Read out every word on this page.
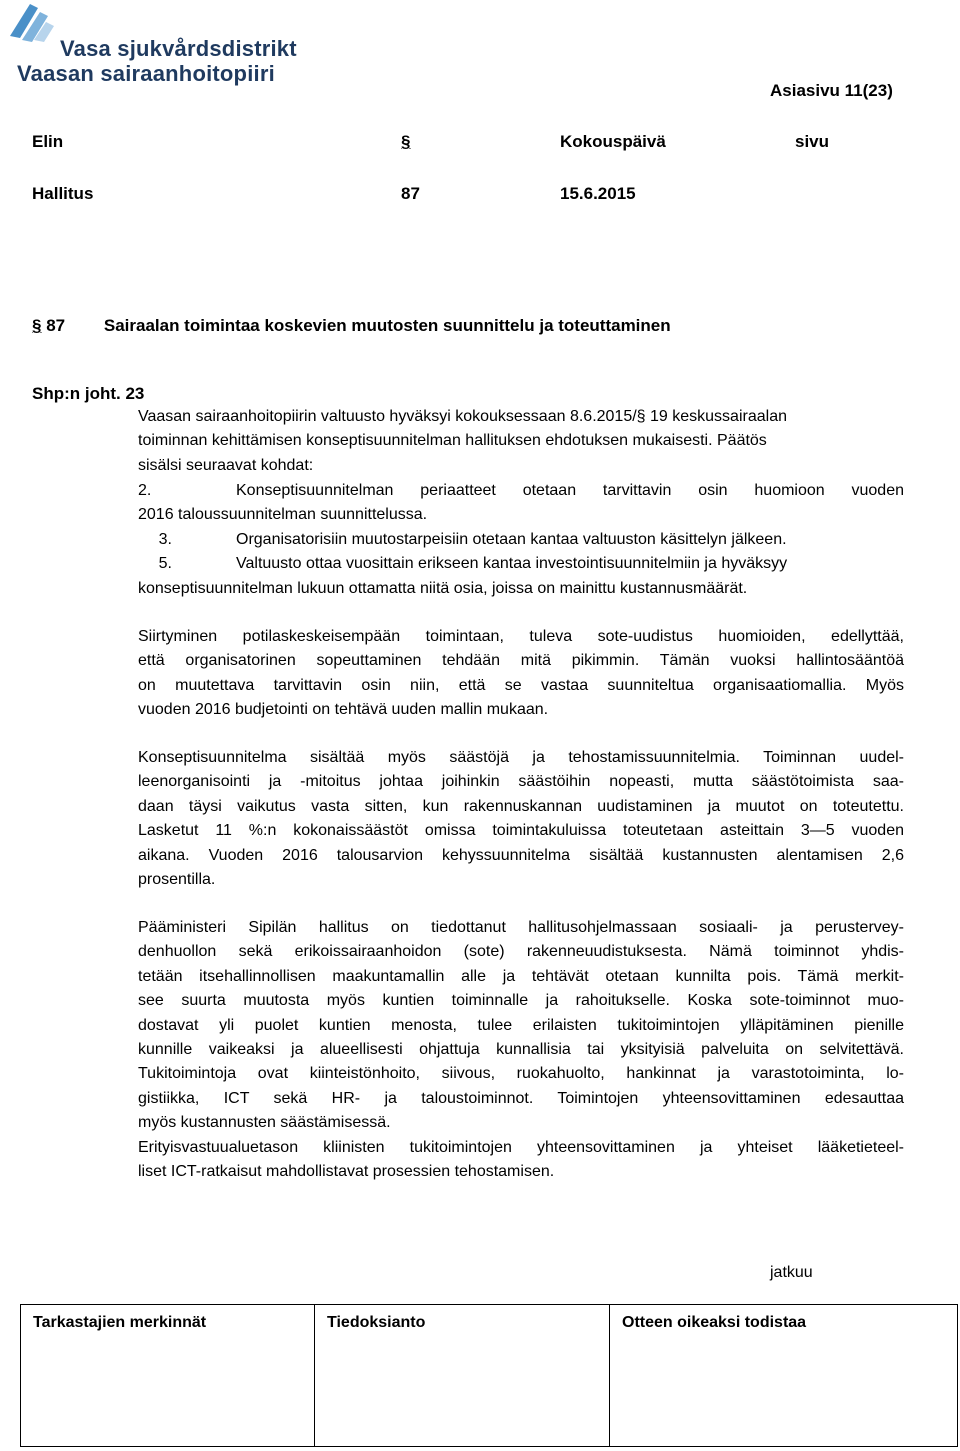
Vasa sjukvårdsdistrikt
Vaasan sairaanhoitopiiri
Asiasivu 11(23)
Elin	§	Kokouspäivä	sivu
Hallitus	87	15.6.2015
§ 87 Sairaalan toimintaa koskevien muutosten suunnittelu ja toteuttaminen
Shp:n joht. 23
Vaasan sairaanhoitopiirin valtuusto hyväksyi kokouksessaan 8.6.2015/§ 19 keskussairaalan
toiminnan kehittämisen konseptisuunnitelman hallituksen ehdotuksen mukaisesti. Päätös
sisälsi seuraavat kohdat:
2.	Konseptisuunnitelman periaatteet otetaan tarvittavin osin huomioon vuoden
2016 taloussuunnitelman suunnittelussa.
3.	Organisatorisiin muutostarpeisiin otetaan kantaa valtuuston käsittelyn jälkeen.
5.	Valtuusto ottaa vuosittain erikseen kantaa investointisuunnitelmiin ja hyväksyy
konseptisuunnitelman lukuun ottamatta niitä osia, joissa on mainittu kustannusmäärät.
Siirtyminen potilaskeskeisempään toimintaan, tuleva sote-uudistus huomioiden, edellyttää,
että organisatorinen sopeuttaminen tehdään mitä pikimmin. Tämän vuoksi hallintosääntöä
on muutettava tarvittavin osin niin, että se vastaa suunniteltua organisaatiomallia. Myös
vuoden 2016 budjetointi on tehtävä uuden mallin mukaan.
Konseptisuunnitelma sisältää myös säästöjä ja tehostamissuunnitelmia. Toiminnan uudel-
leenorganisointi ja -mitoitus johtaa joihinkin säästöihin nopeasti, mutta säästötoimista saa-
daan täysi vaikutus vasta sitten, kun rakennuskannan uudistaminen ja muutot on toteutettu.
Lasketut 11 %:n kokonaissäästöt omissa toimintakuluissa toteutetaan asteittain 3—5 vuoden
aikana. Vuoden 2016 talousarvion kehyssuunnitelma sisältää kustannusten alentamisen 2,6
prosentilla.
Pääministeri Sipilän hallitus on tiedottanut hallitusohjelmassaan sosiaali- ja perustervey-
denhuollon sekä erikoissairaanhoidon (sote) rakenneuudistuksesta. Nämä toiminnot yhdis-
tetään itsehallinnollisen maakuntamallin alle ja tehtävät otetaan kunnilta pois. Tämä merkit-
see suurta muutosta myös kuntien toiminnalle ja rahoitukselle. Koska sote-toiminnot muo-
dostavat yli puolet kuntien menosta, tulee erilaisten tukitoimintojen ylläpitäminen pienille
kunnille vaikeaksi ja alueellisesti ohjattuja kunnallisia tai yksityisiä palveluita on selvitettävä.
Tukitoimintoja ovat kiinteistönhoito, siivous, ruokahuolto, hankinnat ja varastotoiminta, lo-
gistiikka, ICT sekä HR- ja taloustoiminnot. Toimintojen yhteensovittaminen edesauttaa
myös kustannusten säästämisessä.
Erityisvastuualuetason kliinisten tukitoimintojen yhteensovittaminen ja yhteiset lääketieteel-
liset ICT-ratkaisut mahdollistavat prosessien tehostamisen.
jatkuu
Tarkastajien merkinnät	Tiedoksianto	Otteen oikeaksi todistaa
